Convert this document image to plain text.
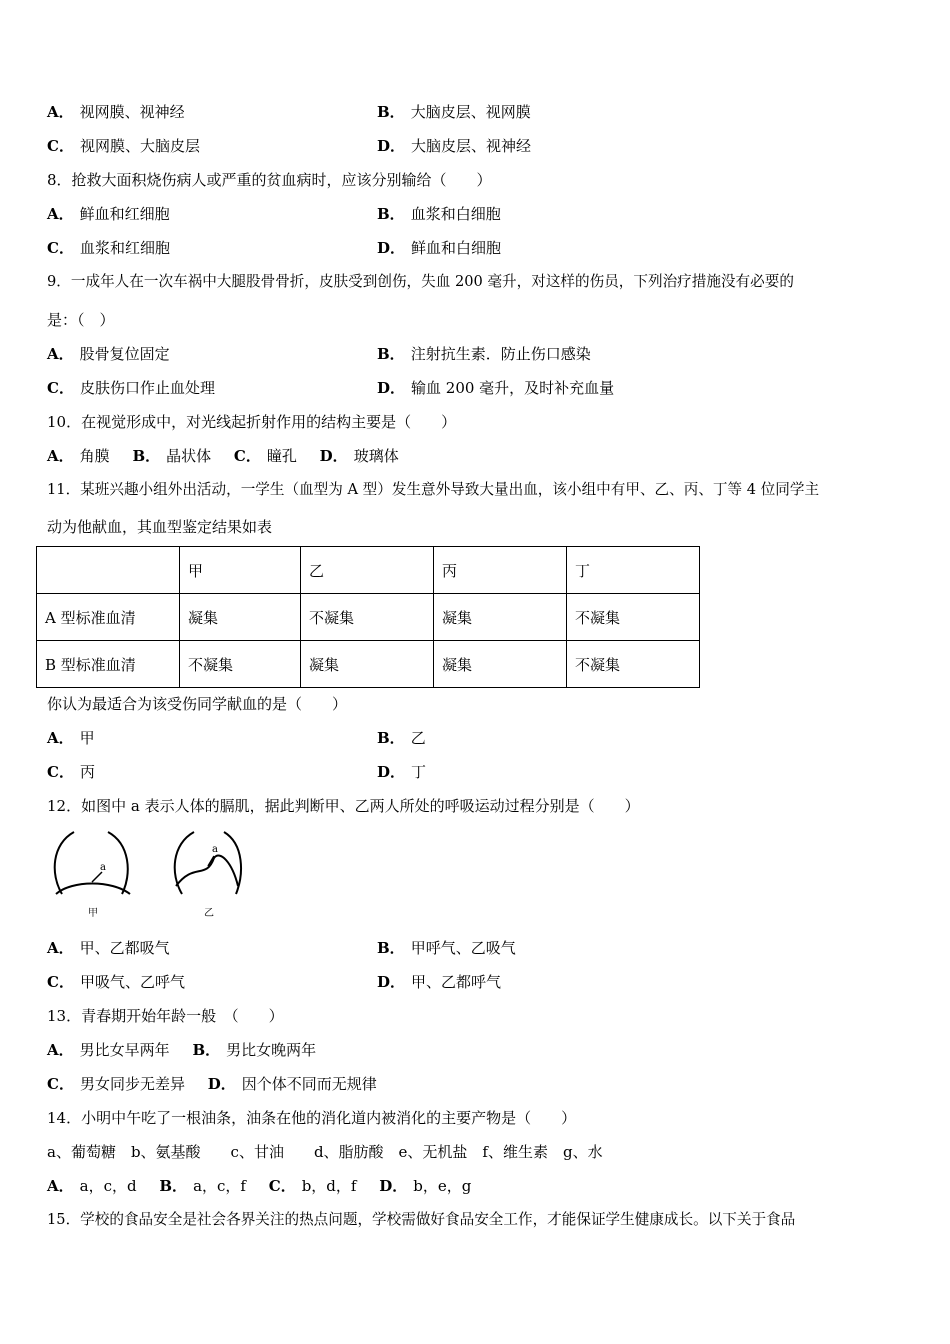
A． 视网膜、视神经	B． 大脑皮层、视网膜
C． 视网膜、大脑皮层	D． 大脑皮层、视神经
8．抢救大面积烧伤病人或严重的贫血病时，应该分别输给（　　）
A． 鲜血和红细胞	B． 血浆和白细胞
C． 血浆和红细胞	D． 鲜血和白细胞
9．一成年人在一次车祸中大腿股骨骨折，皮肤受到创伤，失血 200 毫升，对这样的伤员，下列治疗措施没有必要的
是：（　）
A． 股骨复位固定	B． 注射抗生素．防止伤口感染
C． 皮肤伤口作止血处理	D． 输血 200 毫升，及时补充血量
10．在视觉形成中，对光线起折射作用的结构主要是（　　）
A． 角膜 B． 晶状体 C． 瞳孔 D． 玻璃体
11．某班兴趣小组外出活动，一学生（血型为 A 型）发生意外导致大量出血，该小组中有甲、乙、丙、丁等 4 位同学主
动为他献血，其血型鉴定结果如表
	甲	乙	丙	丁
A 型标准血清	凝集	不凝集	凝集	不凝集
B 型标准血清	不凝集	凝集	凝集	不凝集
你认为最适合为该受伤同学献血的是（　　）
A． 甲	B． 乙
C． 丙	D． 丁
12．如图中 a 表示人体的膈肌，据此判断甲、乙两人所处的呼吸运动过程分别是（　　）
a
甲
a
乙
A． 甲、乙都吸气	B． 甲呼气、乙吸气
C． 甲吸气、乙呼气	D． 甲、乙都呼气
13．青春期开始年龄一般　（　　）
A． 男比女早两年 B． 男比女晚两年
C． 男女同步无差异 D． 因个体不同而无规律
14．小明中午吃了一根油条，油条在他的消化道内被消化的主要产物是（　　）
a、葡萄糖　b、氨基酸　　c、甘油　　d、脂肪酸　e、无机盐　f、维生素　g、水
A． a，c，d B． a，c，f C． b，d，f D． b，e，g
15．学校的食品安全是社会各界关注的热点问题，学校需做好食品安全工作，才能保证学生健康成长。以下关于食品
